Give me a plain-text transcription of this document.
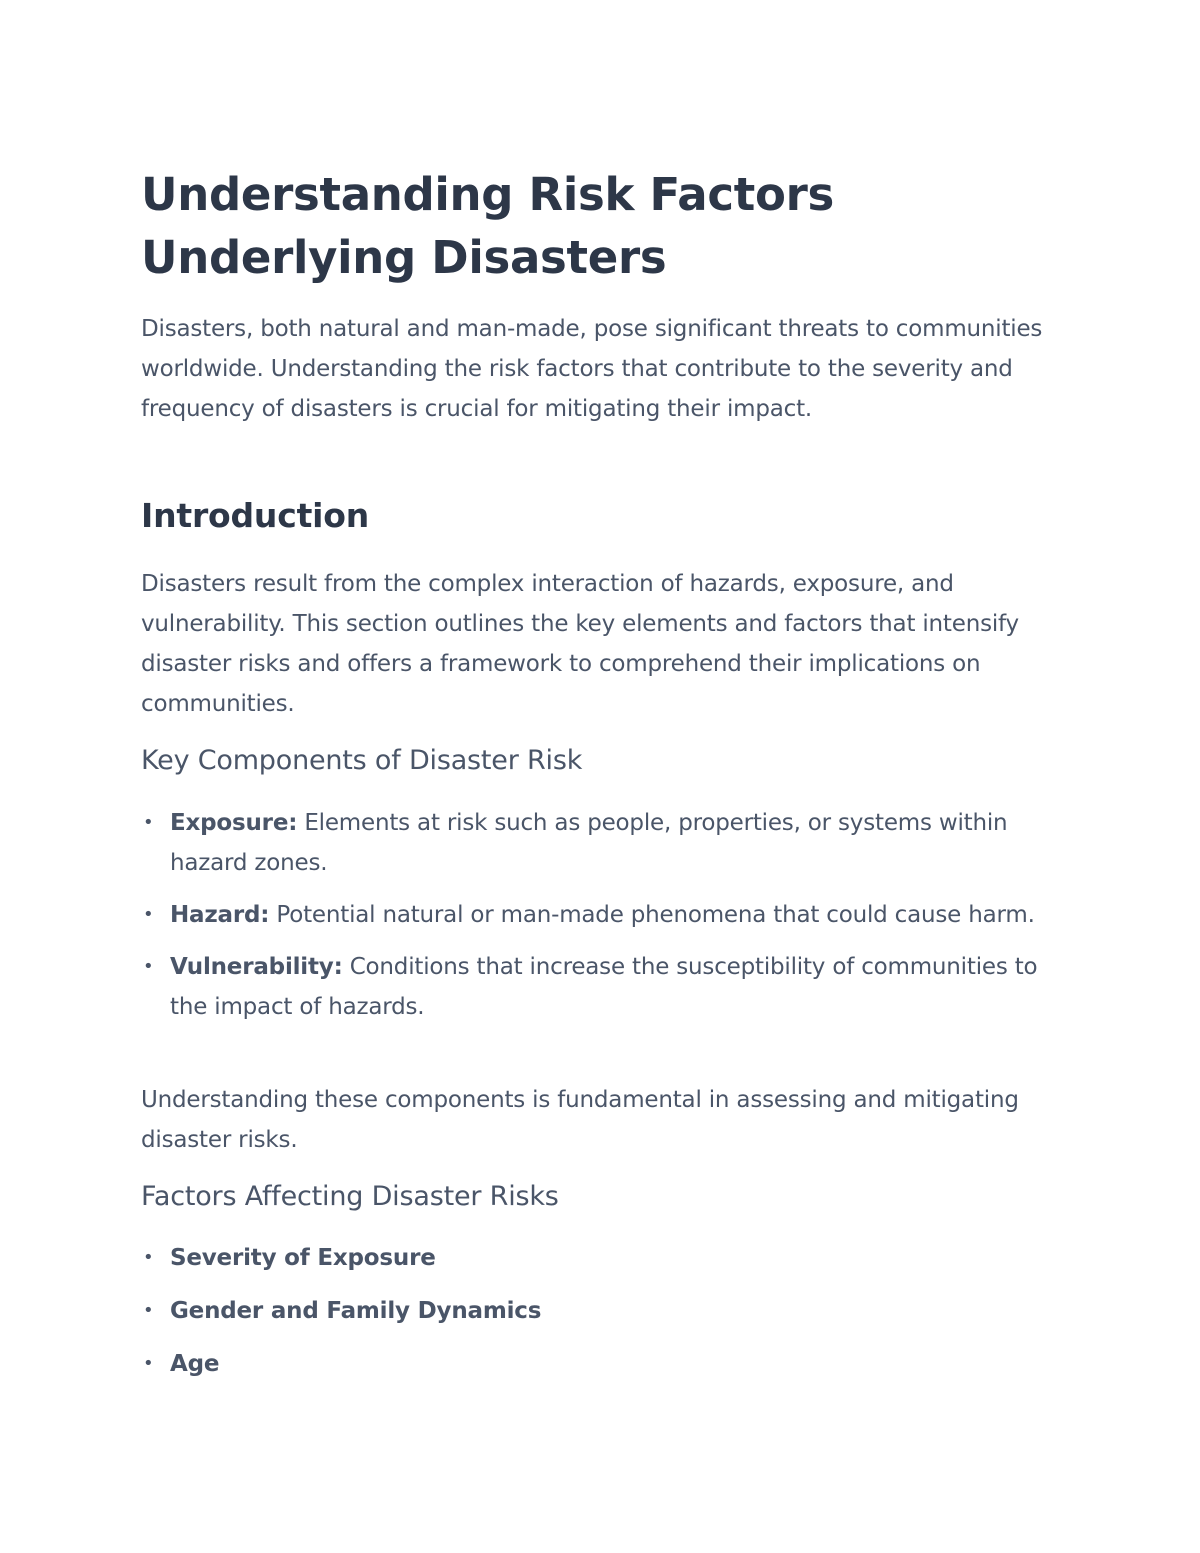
Understanding Risk Factors Underlying Disasters

Disasters, both natural and man-made, pose significant threats to communities worldwide. Understanding the risk factors that contribute to the severity and frequency of disasters is crucial for mitigating their impact.

Introduction

Disasters result from the complex interaction of hazards, exposure, and vulnerability. This section outlines the key elements and factors that intensify disaster risks and offers a framework to comprehend their implications on communities.

Key Components of Disaster Risk
• Exposure: Elements at risk such as people, properties, or systems within hazard zones.
• Hazard: Potential natural or man-made phenomena that could cause harm.
• Vulnerability: Conditions that increase the susceptibility of communities to the impact of hazards.

Understanding these components is fundamental in assessing and mitigating disaster risks.

Factors Affecting Disaster Risks
• Severity of Exposure
• Gender and Family Dynamics
• Age
